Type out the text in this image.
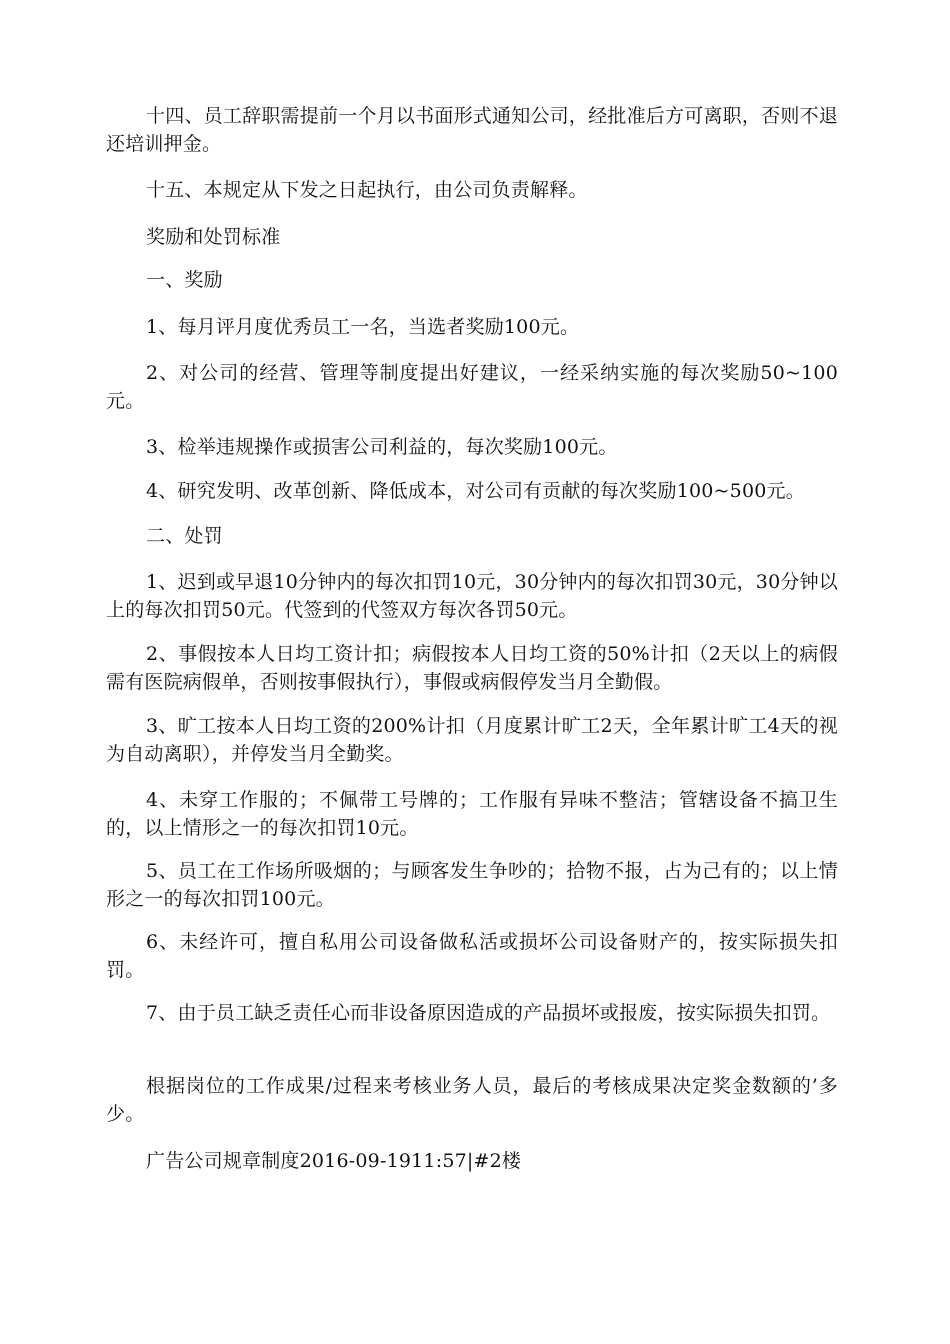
十四、员工辞职需提前一个月以书面形式通知公司，经批准后方可离职，否则不退还培训押金。

十五、本规定从下发之日起执行，由公司负责解释。

奖励和处罚标准

一、奖励

1、每月评月度优秀员工一名，当选者奖励100元。

2、对公司的经营、管理等制度提出好建议，一经采纳实施的每次奖励50~100元。

3、检举违规操作或损害公司利益的，每次奖励100元。

4、研究发明、改革创新、降低成本，对公司有贡献的每次奖励100~500元。

二、处罚

1、迟到或早退10分钟内的每次扣罚10元，30分钟内的每次扣罚30元，30分钟以上的每次扣罚50元。代签到的代签双方每次各罚50元。

2、事假按本人日均工资计扣；病假按本人日均工资的50%计扣（2天以上的病假需有医院病假单，否则按事假执行），事假或病假停发当月全勤假。

3、旷工按本人日均工资的200%计扣（月度累计旷工2天，全年累计旷工4天的视为自动离职），并停发当月全勤奖。

4、未穿工作服的；不佩带工号牌的；工作服有异味不整洁；管辖设备不搞卫生的，以上情形之一的每次扣罚10元。

5、员工在工作场所吸烟的；与顾客发生争吵的；拾物不报，占为己有的；以上情形之一的每次扣罚100元。

6、未经许可，擅自私用公司设备做私活或损坏公司设备财产的，按实际损失扣罚。

7、由于员工缺乏责任心而非设备原因造成的产品损坏或报废，按实际损失扣罚。

根据岗位的工作成果/过程来考核业务人员，最后的考核成果决定奖金数额的’多少。

广告公司规章制度2016-09-1911:57|#2楼
